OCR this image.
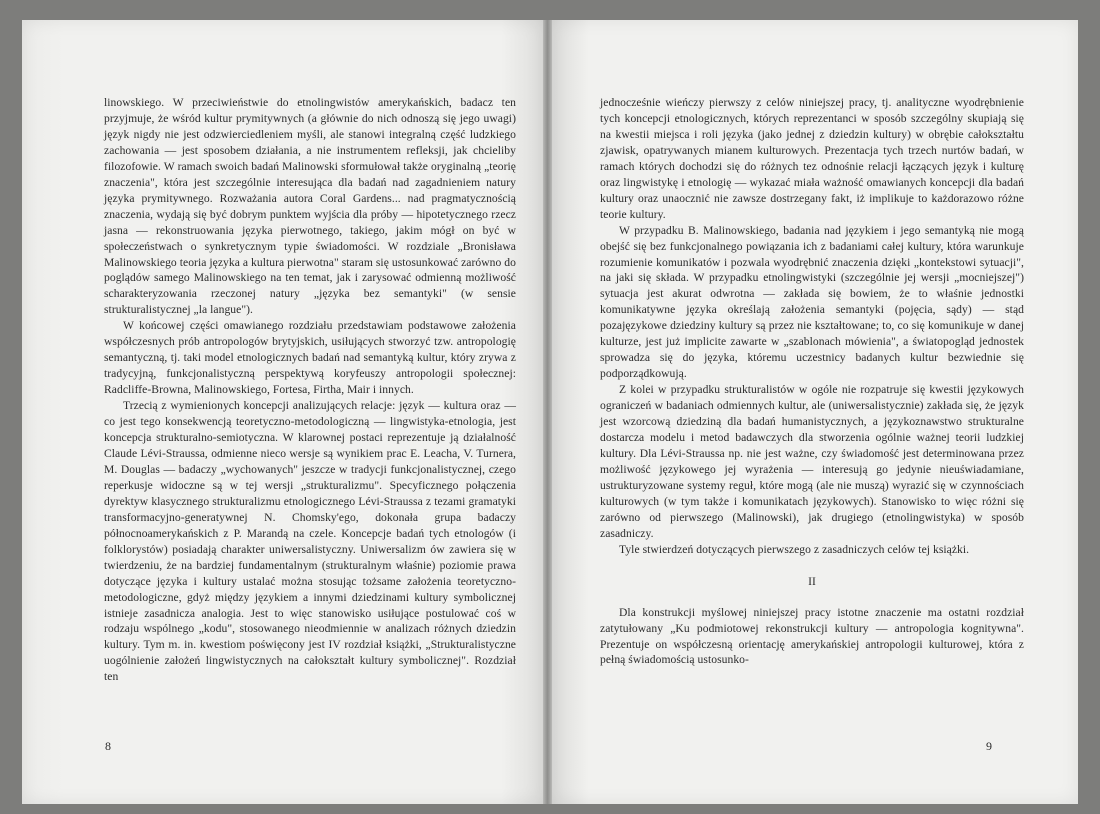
linowskiego. W przeciwieństwie do etnolingwistów amerykańskich, badacz ten przyjmuje, że wśród kultur prymitywnych (a głównie do nich odnoszą się jego uwagi) język nigdy nie jest odzwierciedleniem myśli, ale stanowi integralną część ludzkiego zachowania — jest sposobem działania, a nie instrumentem refleksji, jak chcieliby filozofowie. W ramach swoich badań Malinowski sformułował także oryginalną „teorię znaczenia", która jest szczególnie interesująca dla badań nad zagadnieniem natury języka prymitywnego. Rozważania autora Coral Gardens... nad pragmatycznością znaczenia, wydają się być dobrym punktem wyjścia dla próby — hipotetycznego rzecz jasna — rekonstruowania języka pierwotnego, takiego, jakim mógł on być w społeczeństwach o synkretycznym typie świadomości. W rozdziale „Bronisława Malinowskiego teoria języka a kultura pierwotna" staram się ustosunkować zarówno do poglądów samego Malinowskiego na ten temat, jak i zarysować odmienną możliwość scharakteryzowania rzeczonej natury „języka bez semantyki" (w sensie strukturalistycznej „la langue").

W końcowej części omawianego rozdziału przedstawiam podstawowe założenia współczesnych prób antropologów brytyjskich, usiłujących stworzyć tzw. antropologię semantyczną, tj. taki model etnologicznych badań nad semantyką kultur, który zrywa z tradycyjną, funkcjonalistyczną perspektywą koryfeuszy antropologii społecznej: Radcliffe-Browna, Malinowskiego, Fortesa, Firtha, Mair i innych.

Trzecią z wymienionych koncepcji analizujących relacje: język — kultura oraz — co jest tego konsekwencją teoretyczno-metodologiczną — lingwistyka-etnologia, jest koncepcja strukturalno-semiotyczna. W klarownej postaci reprezentuje ją działalność Claude Lévi-Straussa, odmienne nieco wersje są wynikiem prac E. Leacha, V. Turnera, M. Douglas — badaczy „wychowanych" jeszcze w tradycji funkcjonalistycznej, czego reperkusje widoczne są w tej wersji „strukturalizmu". Specyficznego połączenia dyrektyw klasycznego strukturalizmu etnologicznego Lévi-Straussa z tezami gramatyki transformacyjno-generatywnej N. Chomsky'ego, dokonała grupa badaczy północnoamerykańskich z P. Marandą na czele. Koncepcje badań tych etnologów (i folklorystów) posiadają charakter uniwersalistyczny. Uniwersalizm ów zawiera się w twierdzeniu, że na bardziej fundamentalnym (strukturalnym właśnie) poziomie prawa dotyczące języka i kultury ustalać można stosując tożsame założenia teoretyczno-metodologiczne, gdyż między językiem a innymi dziedzinami kultury symbolicznej istnieje zasadnicza analogia. Jest to więc stanowisko usiłujące postulować coś w rodzaju wspólnego „kodu", stosowanego nieodmiennie w analizach różnych dziedzin kultury. Tym m. in. kwestiom poświęcony jest IV rozdział książki, „Strukturalistyczne uogólnienie założeń lingwistycznych na całokształt kultury symbolicznej". Rozdział ten

8

jednocześnie wieńczy pierwszy z celów niniejszej pracy, tj. analityczne wyodrębnienie tych koncepcji etnologicznych, których reprezentanci w sposób szczególny skupiają się na kwestii miejsca i roli języka (jako jednej z dziedzin kultury) w obrębie całokształtu zjawisk, opatrywanych mianem kulturowych. Prezentacja tych trzech nurtów badań, w ramach których dochodzi się do różnych tez odnośnie relacji łączących język i kulturę oraz lingwistykę i etnologię — wykazać miała ważność omawianych koncepcji dla badań kultury oraz unaocznić nie zawsze dostrzegany fakt, iż implikuje to każdorazowo różne teorie kultury.

W przypadku B. Malinowskiego, badania nad językiem i jego semantyką nie mogą obejść się bez funkcjonalnego powiązania ich z badaniami całej kultury, która warunkuje rozumienie komunikatów i pozwala wyodrębnić znaczenia dzięki „kontekstowi sytuacji", na jaki się składa. W przypadku etnolingwistyki (szczególnie jej wersji „mocniejszej") sytuacja jest akurat odwrotna — zakłada się bowiem, że to właśnie jednostki komunikatywne języka określają założenia semantyki (pojęcia, sądy) — stąd pozajęzykowe dziedziny kultury są przez nie kształtowane; to, co się komunikuje w danej kulturze, jest już implicite zawarte w „szablonach mówienia", a światopogląd jednostek sprowadza się do języka, któremu uczestnicy badanych kultur bezwiednie się podporządkowują.

Z kolei w przypadku strukturalistów w ogóle nie rozpatruje się kwestii językowych ograniczeń w badaniach odmiennych kultur, ale (uniwersalistycznie) zakłada się, że język jest wzorcową dziedziną dla badań humanistycznych, a językoznawstwo strukturalne dostarcza modelu i metod badawczych dla stworzenia ogólnie ważnej teorii ludzkiej kultury. Dla Lévi-Straussa np. nie jest ważne, czy świadomość jest determinowana przez możliwość językowego jej wyrażenia — interesują go jedynie nieuświadamiane, ustrukturyzowane systemy reguł, które mogą (ale nie muszą) wyrazić się w czynnościach kulturowych (w tym także i komunikatach językowych). Stanowisko to więc różni się zarówno od pierwszego (Malinowski), jak drugiego (etnolingwistyka) w sposób zasadniczy.

Tyle stwierdzeń dotyczących pierwszego z zasadniczych celów tej książki.

II

Dla konstrukcji myślowej niniejszej pracy istotne znaczenie ma ostatni rozdział zatytułowany „Ku podmiotowej rekonstrukcji kultury — antropologia kognitywna". Prezentuje on współczesną orientację amerykańskiej antropologii kulturowej, która z pełną świadomością ustosunko-

9
